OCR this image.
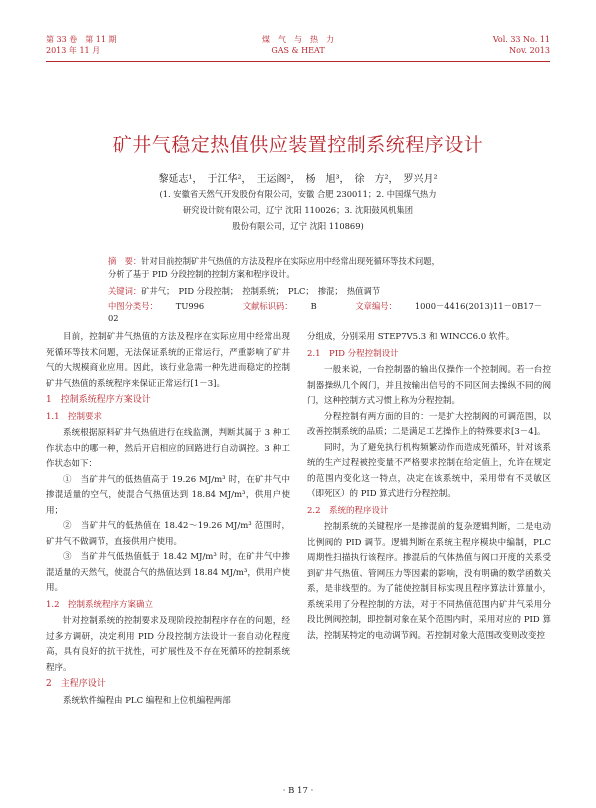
第 33 卷　第 11 期
2013 年 11 月
煤　气　与　热　力
GAS & HEAT
Vol. 33 No. 11
Nov. 2013
矿井气稳定热值供应装置控制系统程序设计
黎延志¹，　于江华²，　王运阁²，　杨　旭³，　徐　方²，　罗兴月²
(1. 安徽省天然气开发股份有限公司，安徽 合肥 230011；2. 中国煤气热力
研究设计院有限公司，辽宁 沈阳 110026；3. 沈阳鼓风机集团
股份有限公司，辽宁 沈阳 110869)
摘　要：针对目前控制矿井气热值的方法及程序在实际应用中经常出现死循环等技术问题，
分析了基于 PID 分段控制的控制方案和程序设计。
关键词：矿井气；　PID 分段控制；　控制系统；　PLC；　掺混；　热值调节
中图分类号： TU996	文献标识码： B	文章编号： 1000－4416(2013)11－0B17－02

目前，控制矿井气热值的方法及程序在实际应用中经常出现死循环等技术问题，无法保证系统的正常运行，严重影响了矿井气的大规模商业应用。因此，该行业急需一种先进而稳定的控制矿井气热值的系统程序来保证正常运行[1－3]。

1　控制系统程序方案设计

1.1　控制要求

系统根据原料矿井气热值进行在线监测，判断其属于 3 种工作状态中的哪一种，然后开启相应的回路进行自动调控。3 种工作状态如下：

①　当矿井气的低热值高于 19.26 MJ/m³ 时，在矿井气中掺混适量的空气，使混合气热值达到 18.84 MJ/m³，供用户使用；

②　当矿井气的低热值在 18.42～19.26 MJ/m³ 范围时，矿井气不做调节，直接供用户使用。

③　当矿井气低热值低于 18.42 MJ/m³ 时，在矿井气中掺混适量的天然气，使混合气的热值达到 18.84 MJ/m³，供用户使用。

1.2　控制系统程序方案确立

针对控制系统的控制要求及现阶段控制程序存在的问题，经过多方调研，决定利用 PID 分段控制方法设计一套自动化程度高，具有良好的抗干扰性，可扩展性及不存在死循环的控制系统程序。

2　主程序设计

系统软件编程由 PLC 编程和上位机编程两部

分组成，分别采用 STEP7V5.3 和 WINCC6.0 软件。

2.1　PID 分程控制设计

一般来说，一台控制器的输出仅操作一个控制阀。若一台控制器操纵几个阀门，并且按输出信号的不同区间去操纵不同的阀门，这种控制方式习惯上称为分程控制。

分程控制有两方面的目的：一是扩大控制阀的可调范围，以改善控制系统的品质；二是满足工艺操作上的特殊要求[3－4]。

同时，为了避免执行机构频繁动作而造成死循环，针对该系统的生产过程被控变量不严格要求控制在给定值上，允许在规定的范围内变化这一特点，决定在该系统中，采用带有不灵敏区（即死区）的 PID 算式进行分程控制。

2.2　系统的程序设计

控制系统的关键程序一是掺混前的复杂逻辑判断，二是电动比例阀的 PID 调节。逻辑判断在系统主程序模块中编制，PLC 周期性扫描执行该程序。掺混后的气体热值与阀口开度的关系受到矿井气热值、管网压力等因素的影响，没有明确的数学函数关系，是非线型的。为了能使控制目标实现且程序算法计算量小，系统采用了分程控制的方法，对于不同热值范围内矿井气采用分段比例阀控制，即控制对象在某个范围内时，采用对应的 PID 算法，控制某特定的电动调节阀。若控制对象大范围改变则改变控

· B 17 ·
